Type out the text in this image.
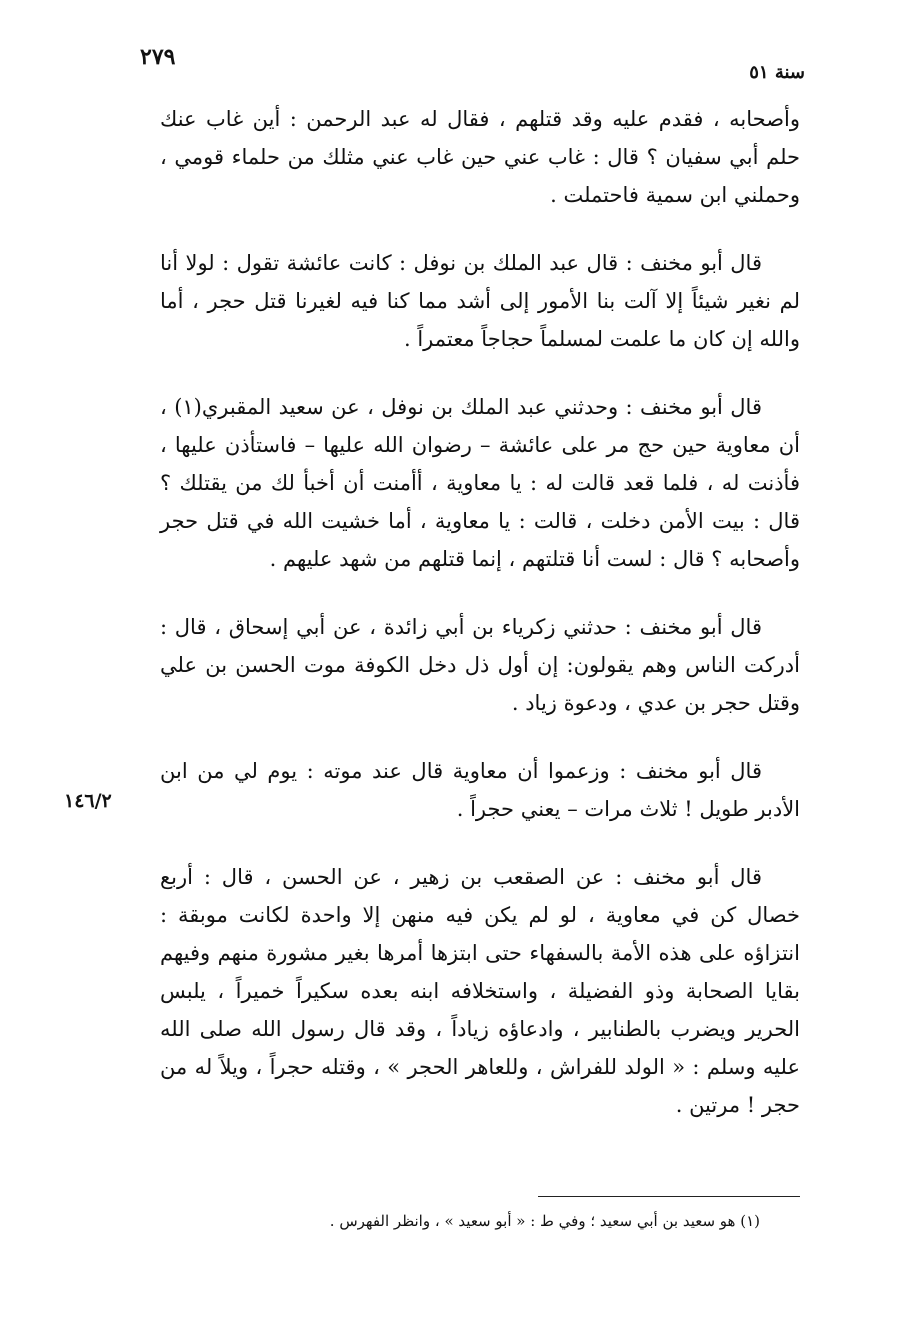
٢٧٩
سنة ٥١

وأصحابه ، فقدم عليه وقد قتلهم ، فقال له عبد الرحمن : أين غاب عنك حلم أبي سفيان ؟ قال : غاب عني حين غاب عني مثلك من حلماء قومي ، وحملني ابن سمية فاحتملت .

قال أبو مخنف : قال عبد الملك بن نوفل : كانت عائشة تقول : لولا أنا لم نغير شيئاً إلا آلت بنا الأمور إلى أشد مما كنا فيه لغيرنا قتل حجر ، أما والله إن كان ما علمت لمسلماً حجاجاً معتمراً .

قال أبو مخنف : وحدثني عبد الملك بن نوفل ، عن سعيد المقبري(١) ، أن معاوية حين حج مر على عائشة – رضوان الله عليها – فاستأذن عليها ، فأذنت له ، فلما قعد قالت له : يا معاوية ، أأمنت أن أخبأ لك من يقتلك ؟ قال : بيت الأمن دخلت ، قالت : يا معاوية ، أما خشيت الله في قتل حجر وأصحابه ؟ قال : لست أنا قتلتهم ، إنما قتلهم من شهد عليهم .

قال أبو مخنف : حدثني زكرياء بن أبي زائدة ، عن أبي إسحاق ، قال : أدركت الناس وهم يقولون: إن أول ذل دخل الكوفة موت الحسن بن علي وقتل حجر بن عدي ، ودعوة زياد .

قال أبو مخنف : وزعموا أن معاوية قال عند موته : يوم لي من ابن الأدبر طويل ! ثلاث مرات – يعني حجراً .

قال أبو مخنف : عن الصقعب بن زهير ، عن الحسن ، قال : أربع خصال كن في معاوية ، لو لم يكن فيه منهن إلا واحدة لكانت موبقة : انتزاؤه على هذه الأمة بالسفهاء حتى ابتزها أمرها بغير مشورة منهم وفيهم بقايا الصحابة وذو الفضيلة ، واستخلافه ابنه بعده سكيراً خميراً ، يلبس الحرير ويضرب بالطنابير ، وادعاؤه زياداً ، وقد قال رسول الله صلى الله عليه وسلم : « الولد للفراش ، وللعاهر الحجر » ، وقتله حجراً ، ويلاً له من حجر ! مرتين .

١٤٦/٢
(١) هو سعيد بن أبي سعيد ؛ وفي ط : « أبو سعيد » ، وانظر الفهرس .
